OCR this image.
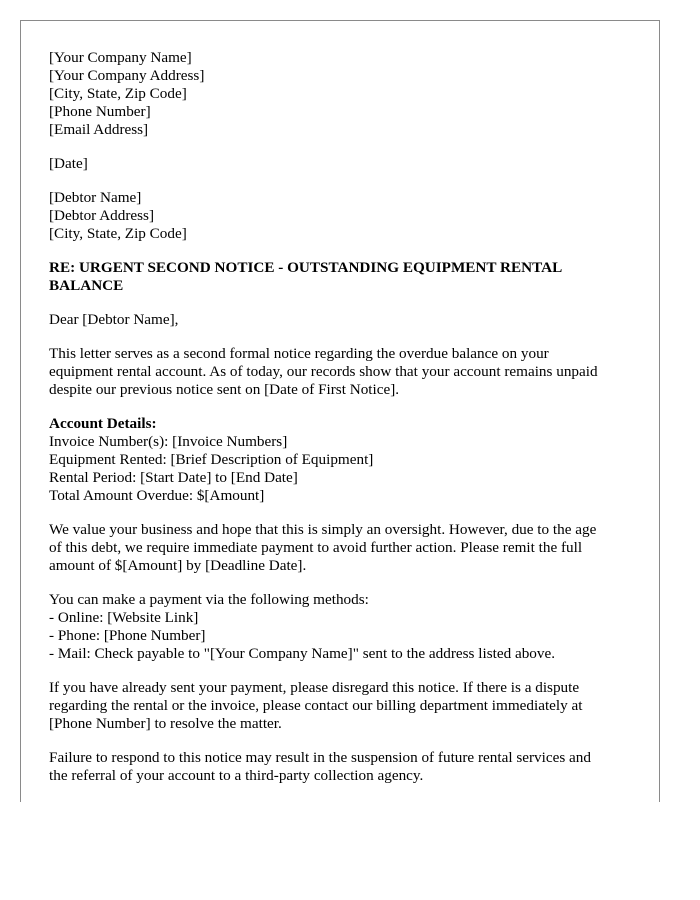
[Your Company Name]
[Your Company Address]
[City, State, Zip Code]
[Phone Number]
[Email Address]
[Date]
[Debtor Name]
[Debtor Address]
[City, State, Zip Code]
RE: URGENT SECOND NOTICE - OUTSTANDING EQUIPMENT RENTAL
BALANCE
Dear [Debtor Name],
This letter serves as a second formal notice regarding the overdue balance on your
equipment rental account. As of today, our records show that your account remains unpaid
despite our previous notice sent on [Date of First Notice].
Account Details:
Invoice Number(s): [Invoice Numbers]
Equipment Rented: [Brief Description of Equipment]
Rental Period: [Start Date] to [End Date]
Total Amount Overdue: $[Amount]
We value your business and hope that this is simply an oversight. However, due to the age
of this debt, we require immediate payment to avoid further action. Please remit the full
amount of $[Amount] by [Deadline Date].
You can make a payment via the following methods:
- Online: [Website Link]
- Phone: [Phone Number]
- Mail: Check payable to "[Your Company Name]" sent to the address listed above.
If you have already sent your payment, please disregard this notice. If there is a dispute
regarding the rental or the invoice, please contact our billing department immediately at
[Phone Number] to resolve the matter.
Failure to respond to this notice may result in the suspension of future rental services and
the referral of your account to a third-party collection agency.
